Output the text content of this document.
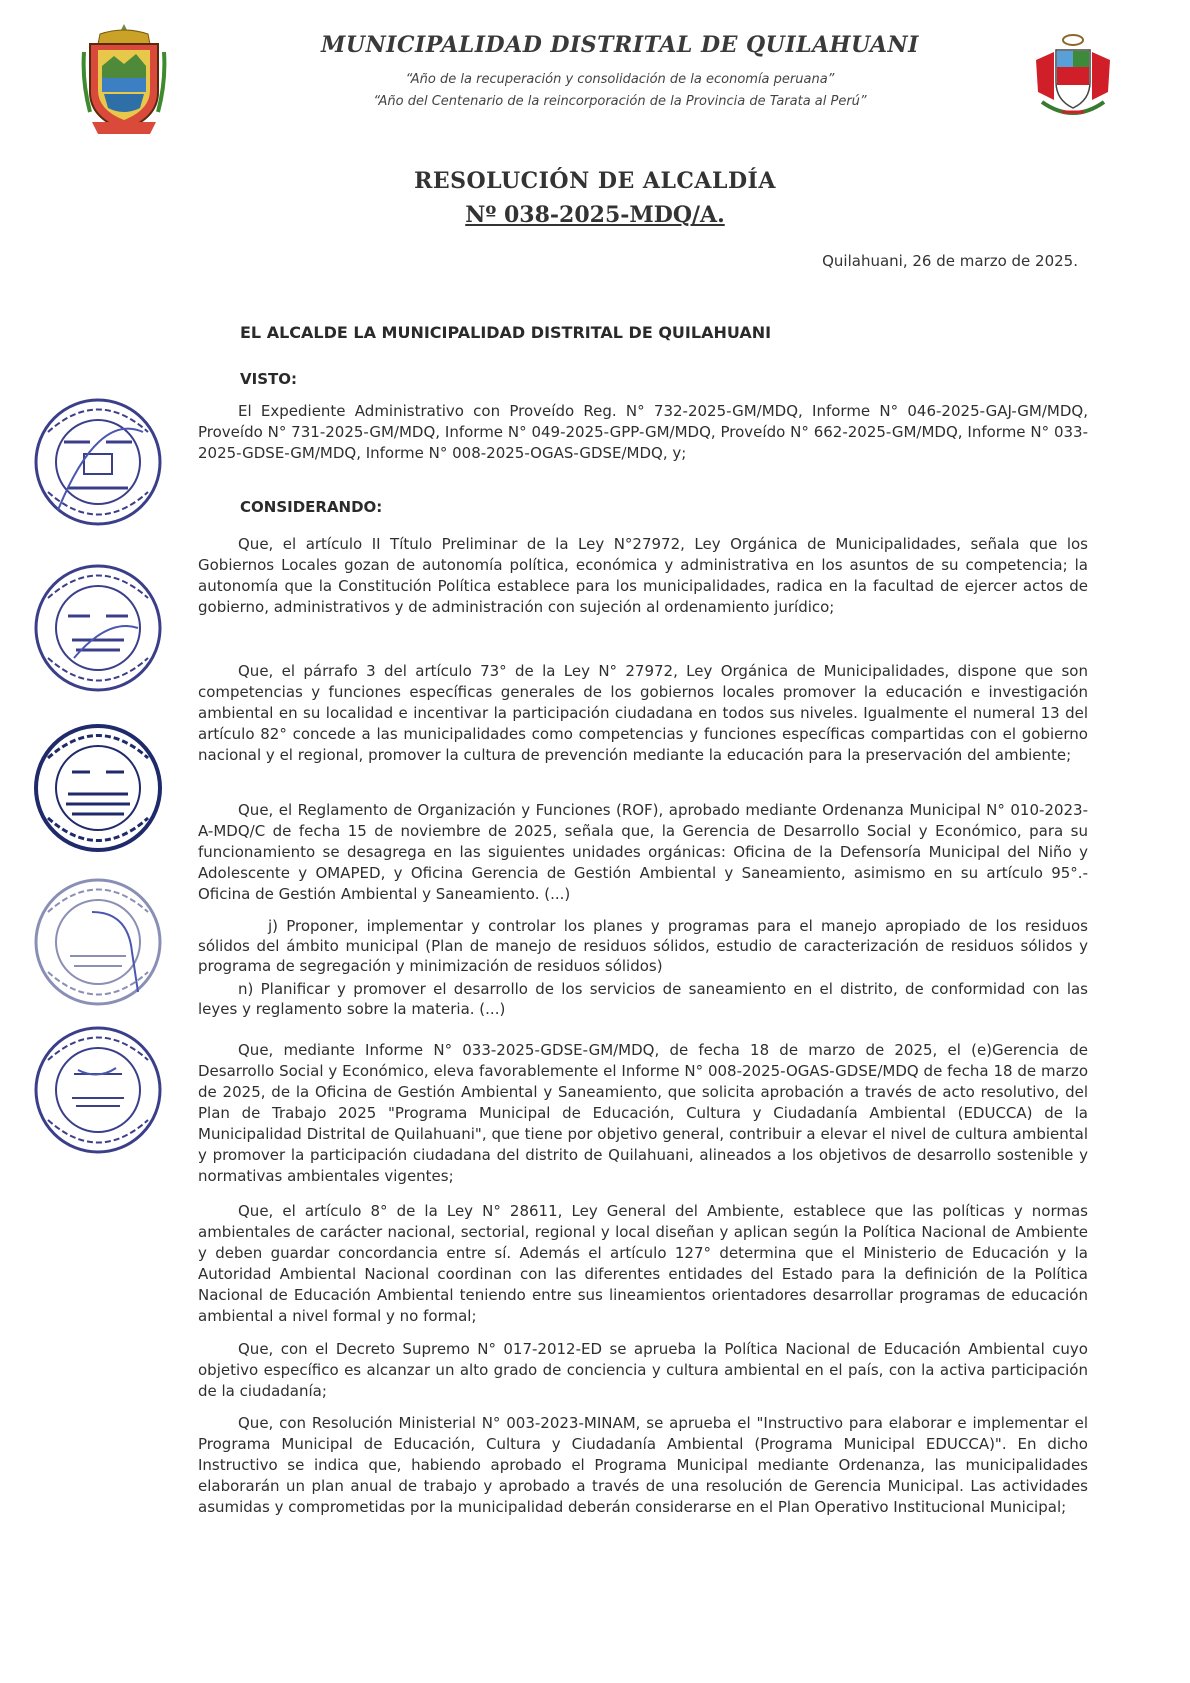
MUNICIPALIDAD DISTRITAL DE QUILAHUANI
“Año de la recuperación y consolidación de la economía peruana”
“Año del Centenario de la reincorporación de la Provincia de Tarata al Perú”
RESOLUCIÓN DE ALCALDÍA
Nº 038-2025-MDQ/A.
Quilahuani, 26 de marzo de 2025.
EL ALCALDE LA MUNICIPALIDAD DISTRITAL DE QUILAHUANI
VISTO:
El Expediente Administrativo con Proveído Reg. N° 732-2025-GM/MDQ, Informe N° 046-2025-GAJ-GM/MDQ, Proveído N° 731-2025-GM/MDQ, Informe N° 049-2025-GPP-GM/MDQ, Proveído N° 662-2025-GM/MDQ, Informe N° 033-2025-GDSE-GM/MDQ, Informe N° 008-2025-OGAS-GDSE/MDQ, y;
CONSIDERANDO:
Que, el artículo II Título Preliminar de la Ley N°27972, Ley Orgánica de Municipalidades, señala que los Gobiernos Locales gozan de autonomía política, económica y administrativa en los asuntos de su competencia; la autonomía que la Constitución Política establece para los municipalidades, radica en la facultad de ejercer actos de gobierno, administrativos y de administración con sujeción al ordenamiento jurídico;
Que, el párrafo 3 del artículo 73° de la Ley N° 27972, Ley Orgánica de Municipalidades, dispone que son competencias y funciones específicas generales de los gobiernos locales promover la educación e investigación ambiental en su localidad e incentivar la participación ciudadana en todos sus niveles. Igualmente el numeral 13 del artículo 82° concede a las municipalidades como competencias y funciones específicas compartidas con el gobierno nacional y el regional, promover la cultura de prevención mediante la educación para la preservación del ambiente;
Que, el Reglamento de Organización y Funciones (ROF), aprobado mediante Ordenanza Municipal N° 010-2023-A-MDQ/C de fecha 15 de noviembre de 2025, señala que, la Gerencia de Desarrollo Social y Económico, para su funcionamiento se desagrega en las siguientes unidades orgánicas: Oficina de la Defensoría Municipal del Niño y Adolescente y OMAPED, y Oficina Gerencia de Gestión Ambiental y Saneamiento, asimismo en su artículo 95°.- Oficina de Gestión Ambiental y Saneamiento. (...)
j) Proponer, implementar y controlar los planes y programas para el manejo apropiado de los residuos sólidos del ámbito municipal (Plan de manejo de residuos sólidos, estudio de caracterización de residuos sólidos y programa de segregación y minimización de residuos sólidos)
n) Planificar y promover el desarrollo de los servicios de saneamiento en el distrito, de conformidad con las leyes y reglamento sobre la materia. (...)
Que, mediante Informe N° 033-2025-GDSE-GM/MDQ, de fecha 18 de marzo de 2025, el (e)Gerencia de Desarrollo Social y Económico, eleva favorablemente el Informe N° 008-2025-OGAS-GDSE/MDQ de fecha 18 de marzo de 2025, de la Oficina de Gestión Ambiental y Saneamiento, que solicita aprobación a través de acto resolutivo, del Plan de Trabajo 2025 "Programa Municipal de Educación, Cultura y Ciudadanía Ambiental (EDUCCA) de la Municipalidad Distrital de Quilahuani", que tiene por objetivo general, contribuir a elevar el nivel de cultura ambiental y promover la participación ciudadana del distrito de Quilahuani, alineados a los objetivos de desarrollo sostenible y normativas ambientales vigentes;
Que, el artículo 8° de la Ley N° 28611, Ley General del Ambiente, establece que las políticas y normas ambientales de carácter nacional, sectorial, regional y local diseñan y aplican según la Política Nacional de Ambiente y deben guardar concordancia entre sí. Además el artículo 127° determina que el Ministerio de Educación y la Autoridad Ambiental Nacional coordinan con las diferentes entidades del Estado para la definición de la Política Nacional de Educación Ambiental teniendo entre sus lineamientos orientadores desarrollar programas de educación ambiental a nivel formal y no formal;
Que, con el Decreto Supremo N° 017-2012-ED se aprueba la Política Nacional de Educación Ambiental cuyo objetivo específico es alcanzar un alto grado de conciencia y cultura ambiental en el país, con la activa participación de la ciudadanía;
Que, con Resolución Ministerial N° 003-2023-MINAM, se aprueba el "Instructivo para elaborar e implementar el Programa Municipal de Educación, Cultura y Ciudadanía Ambiental (Programa Municipal EDUCCA)". En dicho Instructivo se indica que, habiendo aprobado el Programa Municipal mediante Ordenanza, las municipalidades elaborarán un plan anual de trabajo y aprobado a través de una resolución de Gerencia Municipal. Las actividades asumidas y comprometidas por la municipalidad deberán considerarse en el Plan Operativo Institucional Municipal;
